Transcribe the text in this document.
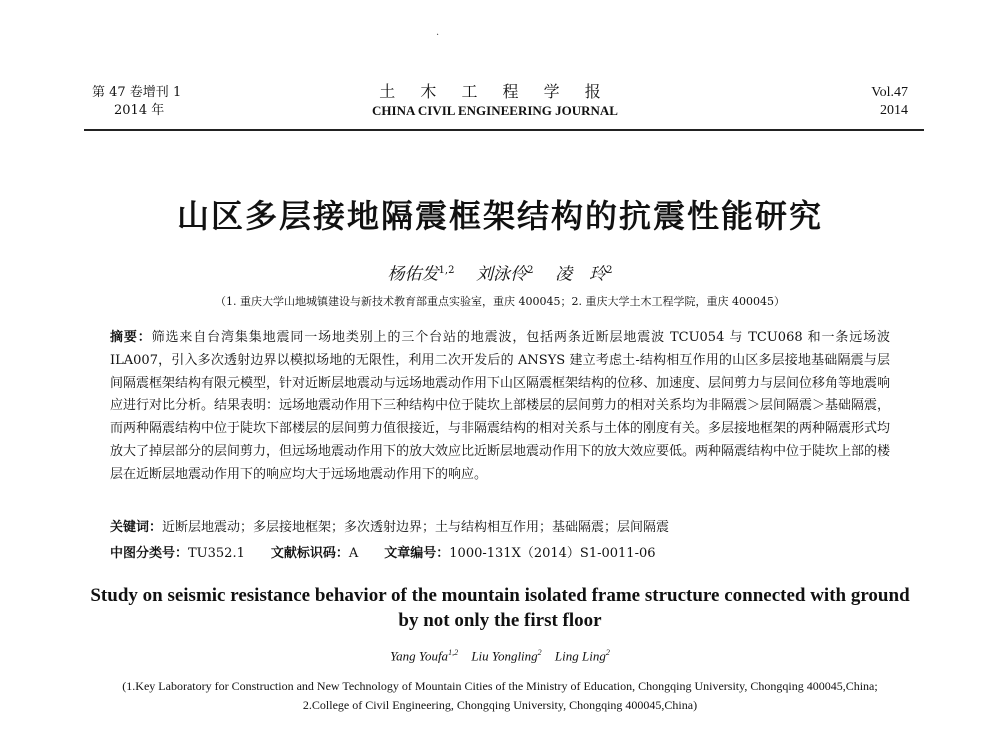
·
第 47 卷增刊 1
2014 年
土 木 工 程 学 报
CHINA CIVIL ENGINEERING JOURNAL
Vol.47
2014
山区多层接地隔震框架结构的抗震性能研究
杨佑发$^{1,2}$ 刘泳伶$^2$ 凌　玲$^2$
（1. 重庆大学山地城镇建设与新技术教育部重点实验室，重庆 400045；2. 重庆大学土木工程学院，重庆 400045）
摘要：筛选来自台湾集集地震同一场地类别上的三个台站的地震波，包括两条近断层地震波 TCU054 与 TCU068 和一条远场波 ILA007，引入多次透射边界以模拟场地的无限性，利用二次开发后的 ANSYS 建立考虑土-结构相互作用的山区多层接地基础隔震与层间隔震框架结构有限元模型，针对近断层地震动与远场地震动作用下山区隔震框架结构的位移、加速度、层间剪力与层间位移角等地震响应进行对比分析。结果表明：远场地震动作用下三种结构中位于陡坎上部楼层的层间剪力的相对关系均为非隔震＞层间隔震＞基础隔震，而两种隔震结构中位于陡坎下部楼层的层间剪力值很接近，与非隔震结构的相对关系与土体的刚度有关。多层接地框架的两种隔震形式均放大了掉层部分的层间剪力，但远场地震动作用下的放大效应比近断层地震动作用下的放大效应要低。两种隔震结构中位于陡坎上部的楼层在近断层地震动作用下的响应均大于远场地震动作用下的响应。
关键词：近断层地震动；多层接地框架；多次透射边界；土与结构相互作用；基础隔震；层间隔震
中图分类号：TU352.1 文献标识码：A 文章编号：1000-131X（2014）S1-0011-06
Study on seismic resistance behavior of the mountain isolated frame structure connected with ground by not only the first floor
Yang Youfa$^{1,2}$ Liu Yongling$^2$ Ling Ling$^2$
(1.Key Laboratory for Construction and New Technology of Mountain Cities of the Ministry of Education, Chongqing University, Chongqing 400045,China;
2.College of Civil Engineering, Chongqing University, Chongqing 400045,China)
